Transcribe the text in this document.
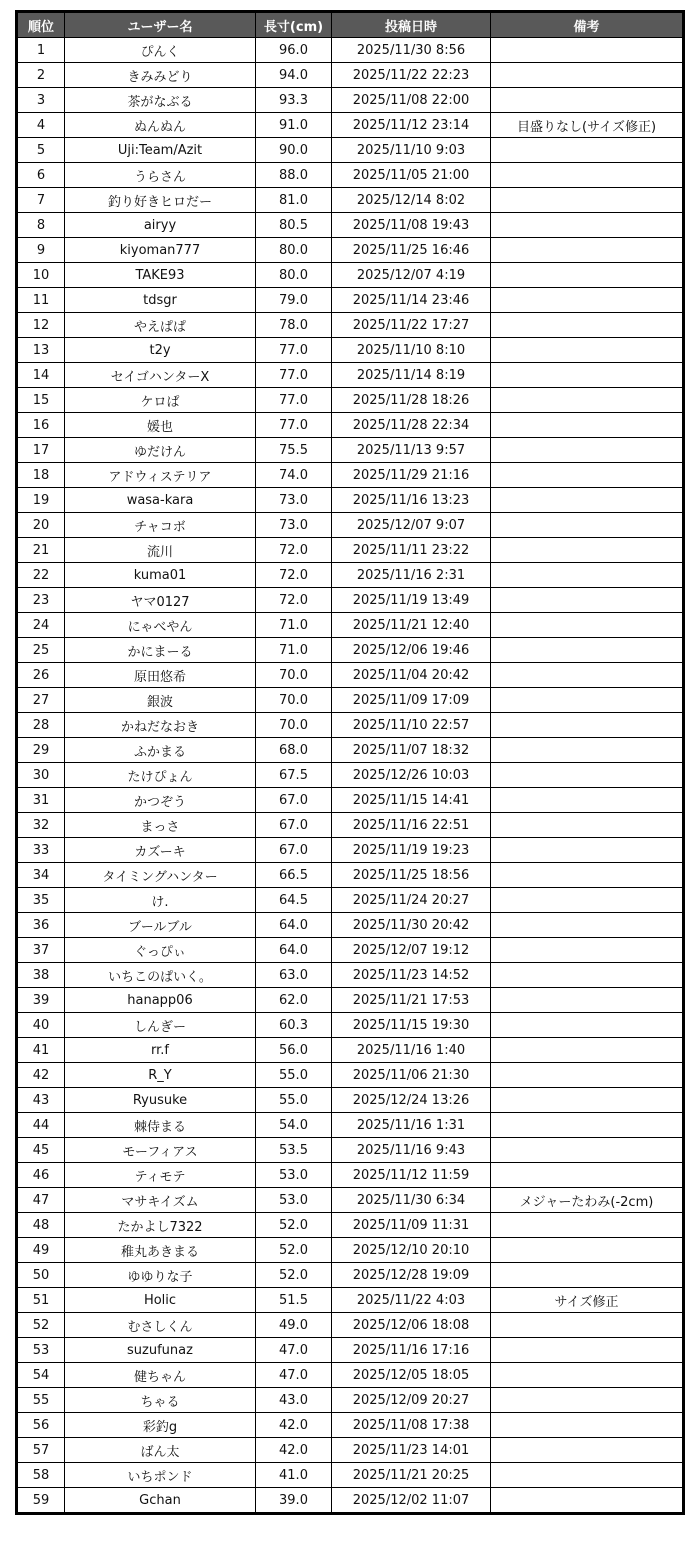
順位	ユーザー名	長寸(cm)	投稿日時	備考
1	ぴんく	96.0	2025/11/30 8:56	
2	きみみどり	94.0	2025/11/22 22:23	
3	茶がなぶる	93.3	2025/11/08 22:00	
4	ぬんぬん	91.0	2025/11/12 23:14	目盛りなし(サイズ修正)
5	Uji:Team/Azit	90.0	2025/11/10 9:03	
6	うらさん	88.0	2025/11/05 21:00	
7	釣り好きヒロだー	81.0	2025/12/14 8:02	
8	airyy	80.5	2025/11/08 19:43	
9	kiyoman777	80.0	2025/11/25 16:46	
10	TAKE93	80.0	2025/12/07 4:19	
11	tdsgr	79.0	2025/11/14 23:46	
12	やえぱぱ	78.0	2025/11/22 17:27	
13	t2y	77.0	2025/11/10 8:10	
14	セイゴハンターX	77.0	2025/11/14 8:19	
15	ケロぱ	77.0	2025/11/28 18:26	
16	媛也	77.0	2025/11/28 22:34	
17	ゆだけん	75.5	2025/11/13 9:57	
18	アドウィステリア	74.0	2025/11/29 21:16	
19	wasa-kara	73.0	2025/11/16 13:23	
20	チャコボ	73.0	2025/12/07 9:07	
21	流川	72.0	2025/11/11 23:22	
22	kuma01	72.0	2025/11/16 2:31	
23	ヤマ0127	72.0	2025/11/19 13:49	
24	にゃべやん	71.0	2025/11/21 12:40	
25	かにまーる	71.0	2025/12/06 19:46	
26	原田悠希	70.0	2025/11/04 20:42	
27	銀波	70.0	2025/11/09 17:09	
28	かねだなおき	70.0	2025/11/10 22:57	
29	ふかまる	68.0	2025/11/07 18:32	
30	たけぴょん	67.5	2025/12/26 10:03	
31	かつぞう	67.0	2025/11/15 14:41	
32	まっさ	67.0	2025/11/16 22:51	
33	カズーキ	67.0	2025/11/19 19:23	
34	タイミングハンター	66.5	2025/11/25 18:56	
35	け.	64.5	2025/11/24 20:27	
36	ブールブル	64.0	2025/11/30 20:42	
37	ぐっぴぃ	64.0	2025/12/07 19:12	
38	いちこのぱいく。	63.0	2025/11/23 14:52	
39	hanapp06	62.0	2025/11/21 17:53	
40	しんぎー	60.3	2025/11/15 19:30	
41	rr.f	56.0	2025/11/16 1:40	
42	R_Y	55.0	2025/11/06 21:30	
43	Ryusuke	55.0	2025/12/24 13:26	
44	棘侍まる	54.0	2025/11/16 1:31	
45	モーフィアス	53.5	2025/11/16 9:43	
46	ティモテ	53.0	2025/11/12 11:59	
47	マサキイズム	53.0	2025/11/30 6:34	メジャーたわみ(-2cm)
48	たかよし7322	52.0	2025/11/09 11:31	
49	稚丸あきまる	52.0	2025/12/10 20:10	
50	ゆゆりな子	52.0	2025/12/28 19:09	
51	Holic	51.5	2025/11/22 4:03	サイズ修正
52	むさしくん	49.0	2025/12/06 18:08	
53	suzufunaz	47.0	2025/11/16 17:16	
54	健ちゃん	47.0	2025/12/05 18:05	
55	ちゃる	43.0	2025/12/09 20:27	
56	彩釣g	42.0	2025/11/08 17:38	
57	ばん太	42.0	2025/11/23 14:01	
58	いちポンド	41.0	2025/11/21 20:25	
59	Gchan	39.0	2025/12/02 11:07	
